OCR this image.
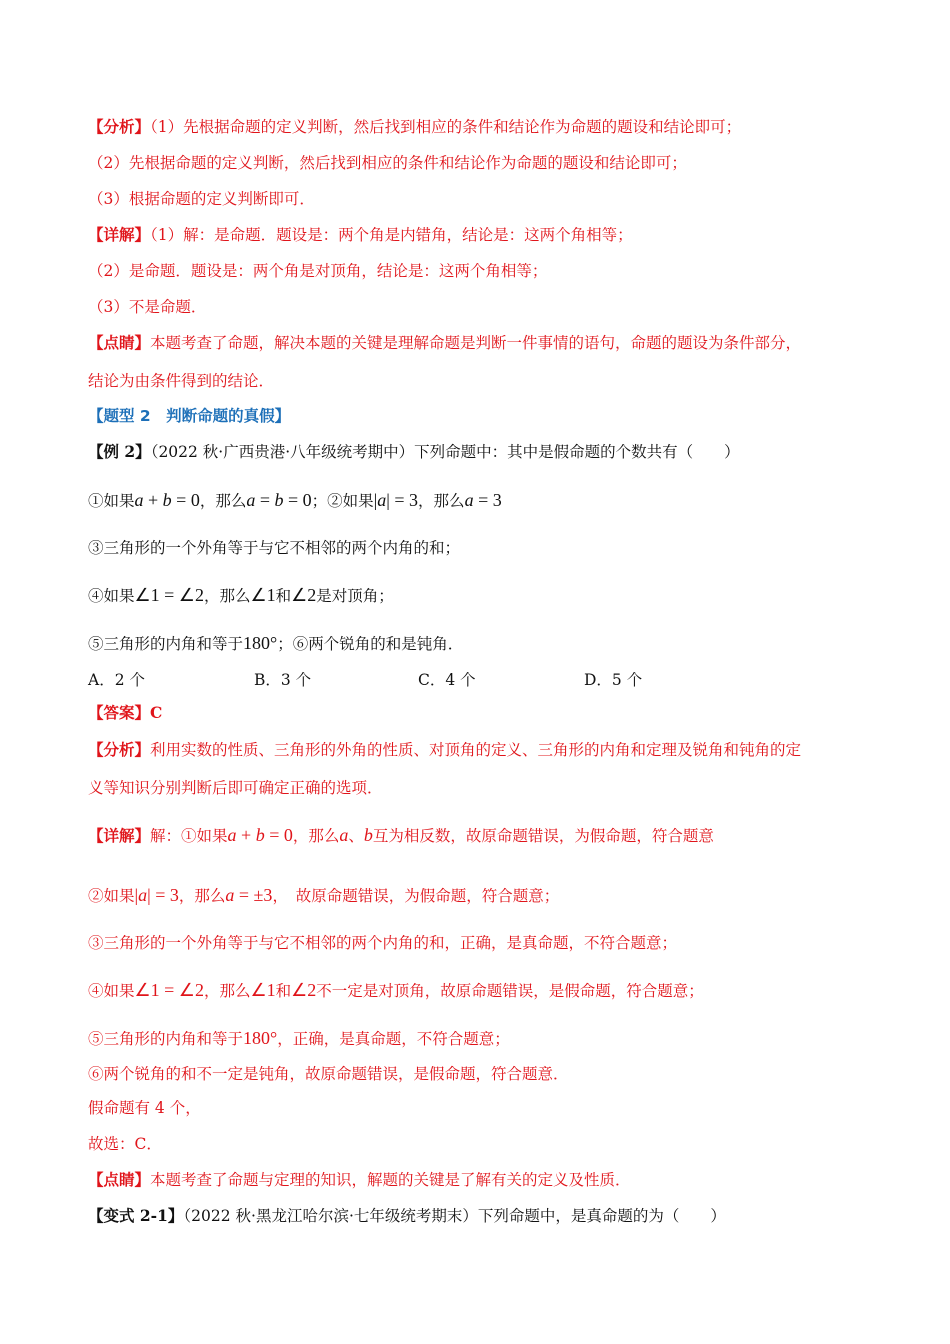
【分析】（1）先根据命题的定义判断，然后找到相应的条件和结论作为命题的题设和结论即可；
（2）先根据命题的定义判断，然后找到相应的条件和结论作为命题的题设和结论即可；
（3）根据命题的定义判断即可．
【详解】（1）解：是命题．题设是：两个角是内错角，结论是：这两个角相等；
（2）是命题．题设是：两个角是对顶角，结论是：这两个角相等；
（3）不是命题．
【点睛】本题考查了命题，解决本题的关键是理解命题是判断一件事情的语句，命题的题设为条件部分，
结论为由条件得到的结论．
【题型 2　判断命题的真假】
【例 2】（2022 秋·广西贵港·八年级统考期中）下列命题中：其中是假命题的个数共有（　　）
①如果a + b = 0，那么a = b = 0；②如果|a| = 3，那么a = 3
③三角形的一个外角等于与它不相邻的两个内角的和；
④如果∠1 = ∠2，那么∠1和∠2是对顶角；
⑤三角形的内角和等于180°；⑥两个锐角的和是钝角．
A．2 个	B．3 个	C．4 个	D．5 个
【答案】C
【分析】利用实数的性质、三角形的外角的性质、对顶角的定义、三角形的内角和定理及锐角和钝角的定
义等知识分别判断后即可确定正确的选项．
【详解】解：①如果a + b = 0，那么a、b互为相反数，故原命题错误，为假命题，符合题意
②如果|a| = 3，那么a = ±3，　故原命题错误，为假命题，符合题意；
③三角形的一个外角等于与它不相邻的两个内角的和，正确，是真命题，不符合题意；
④如果∠1 = ∠2，那么∠1和∠2不一定是对顶角，故原命题错误，是假命题，符合题意；
⑤三角形的内角和等于180°，正确，是真命题，不符合题意；
⑥两个锐角的和不一定是钝角，故原命题错误，是假命题，符合题意．
假命题有 4 个，
故选：C．
【点睛】本题考查了命题与定理的知识，解题的关键是了解有关的定义及性质．
【变式 2-1】（2022 秋·黑龙江哈尔滨·七年级统考期末）下列命题中，是真命题的为（　　）
